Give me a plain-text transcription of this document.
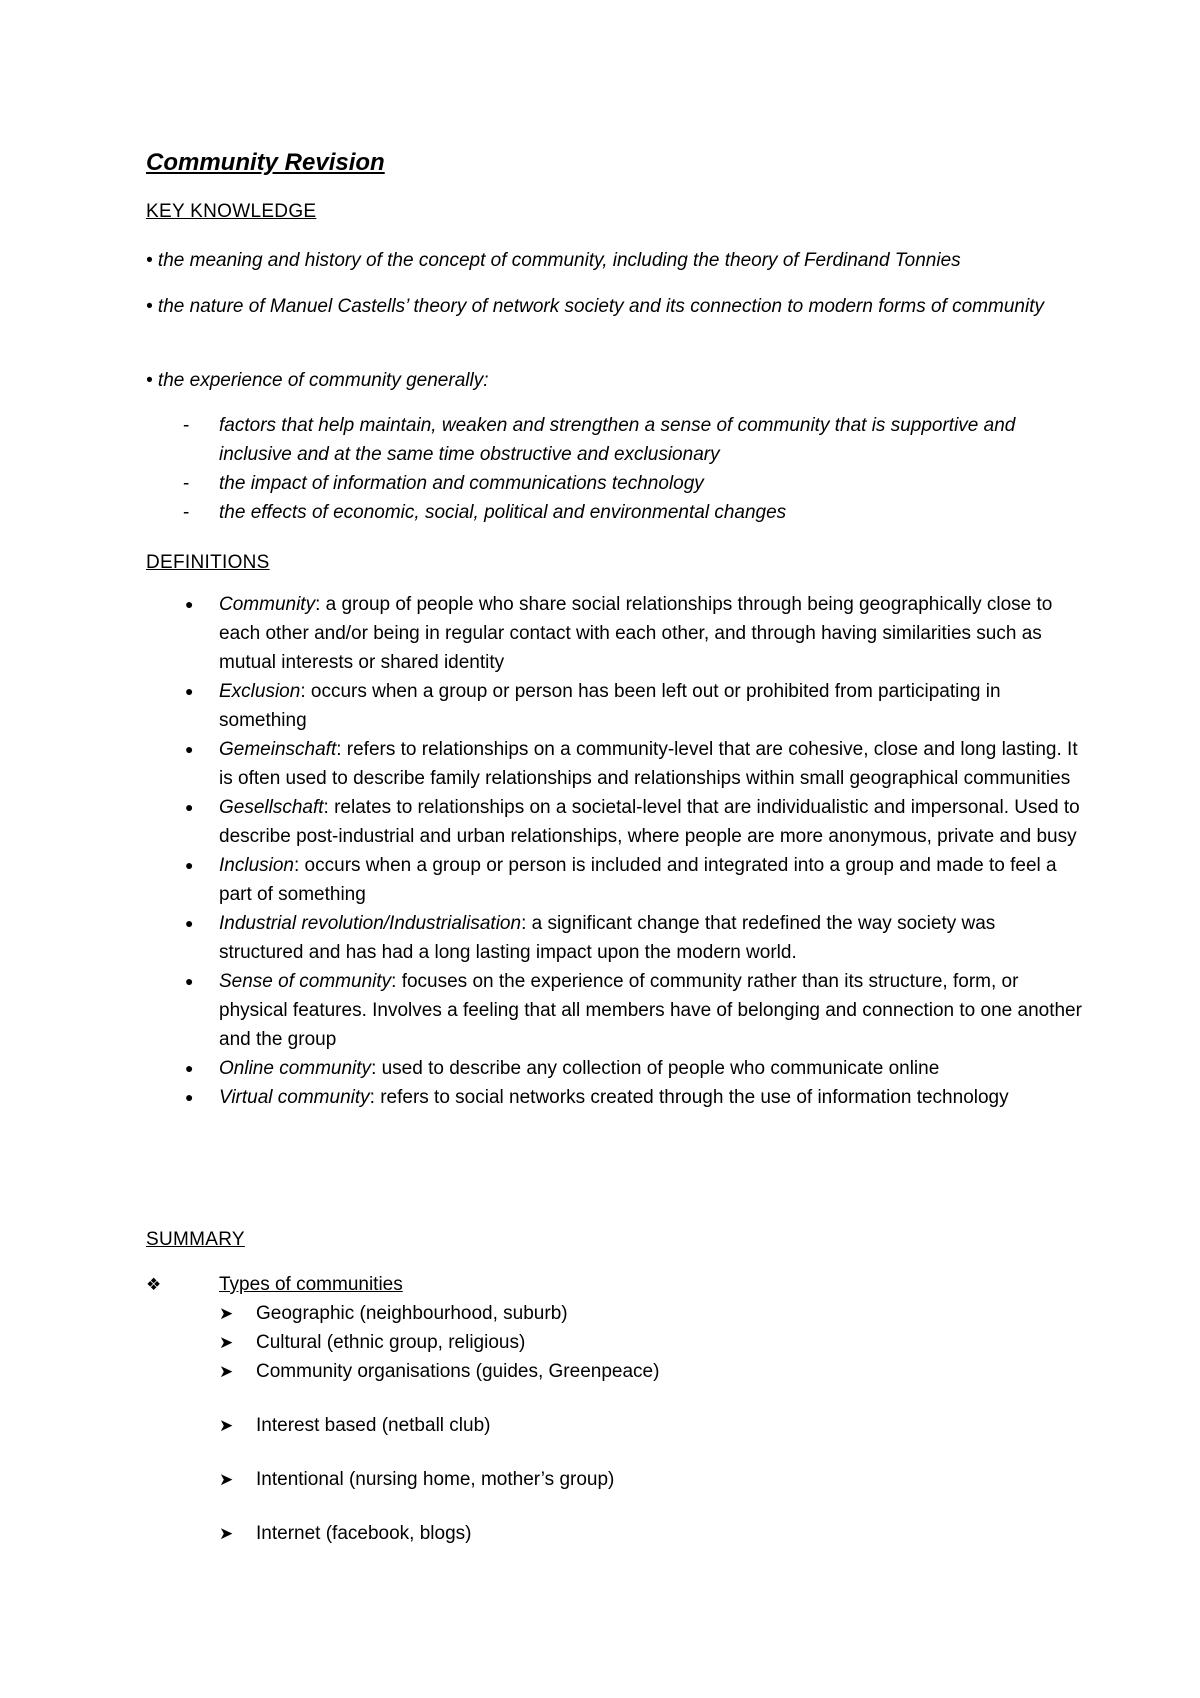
Community Revision
KEY KNOWLEDGE
• the meaning and history of the concept of community, including the theory of Ferdinand Tonnies
• the nature of Manuel Castells’ theory of network society and its connection to modern forms of community
• the experience of community generally:
- factors that help maintain, weaken and strengthen a sense of community that is supportive and inclusive and at the same time obstructive and exclusionary
- the impact of information and communications technology
- the effects of economic, social, political and environmental changes
DEFINITIONS
● Community: a group of people who share social relationships through being geographically close to each other and/or being in regular contact with each other, and through having similarities such as mutual interests or shared identity
● Exclusion: occurs when a group or person has been left out or prohibited from participating in something
● Gemeinschaft: refers to relationships on a community-level that are cohesive, close and long lasting. It is often used to describe family relationships and relationships within small geographical communities
● Gesellschaft: relates to relationships on a societal-level that are individualistic and impersonal. Used to describe post-industrial and urban relationships, where people are more anonymous, private and busy
● Inclusion: occurs when a group or person is included and integrated into a group and made to feel a part of something
● Industrial revolution/Industrialisation: a significant change that redefined the way society was structured and has had a long lasting impact upon the modern world.
● Sense of community: focuses on the experience of community rather than its structure, form, or physical features. Involves a feeling that all members have of belonging and connection to one another and the group
● Online community: used to describe any collection of people who communicate online
● Virtual community: refers to social networks created through the use of information technology
SUMMARY
❖	Types of communities
➤ Geographic (neighbourhood, suburb)
➤ Cultural (ethnic group, religious)
➤ Community organisations (guides, Greenpeace)
➤ Interest based (netball club)
➤ Intentional (nursing home, mother’s group)
➤ Internet (facebook, blogs)
